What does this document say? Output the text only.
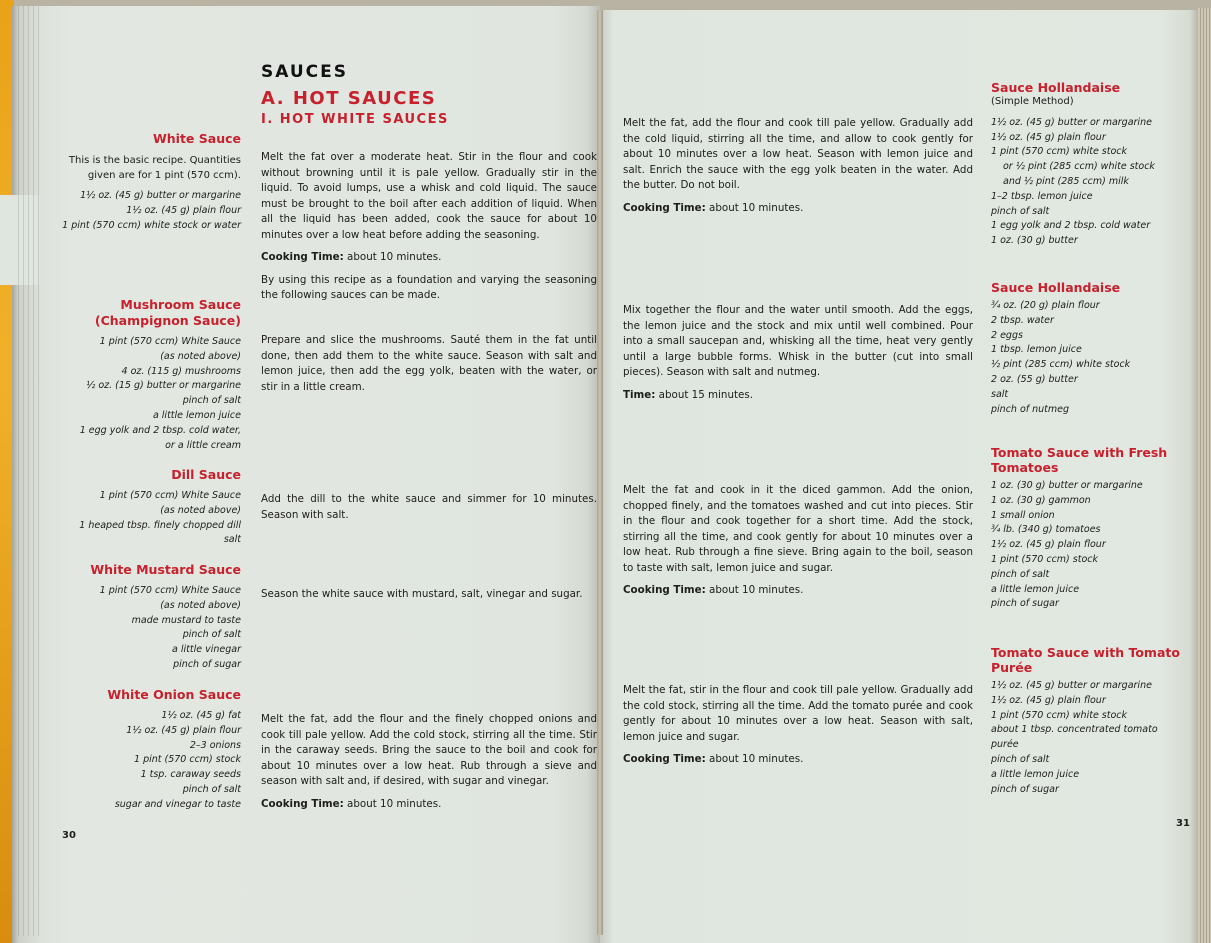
SAUCES
A. HOT SAUCES
I. HOT WHITE SAUCES
White Sauce
This is the basic recipe. Quantities
given are for 1 pint (570 ccm).
1½ oz. (45 g) butter or margarine
1½ oz. (45 g) plain flour
1 pint (570 ccm) white stock or water

Melt the fat over a moderate heat. Stir in the flour and cook without browning until it is pale yellow. Gradually stir in the liquid. To avoid lumps, use a whisk and cold liquid. The sauce must be brought to the boil after each addition of liquid. When all the liquid has been added, cook the sauce for about 10 minutes over a low heat before adding the seasoning.

Cooking Time: about 10 minutes.

By using this recipe as a foundation and varying the seasoning the following sauces can be made.

Mushroom Sauce
(Champignon Sauce)
1 pint (570 ccm) White Sauce
(as noted above)
4 oz. (115 g) mushrooms
½ oz. (15 g) butter or margarine
pinch of salt
a little lemon juice
1 egg yolk and 2 tbsp. cold water,
or a little cream

Prepare and slice the mushrooms. Sauté them in the fat until done, then add them to the white sauce. Season with salt and lemon juice, then add the egg yolk, beaten with the water, or stir in a little cream.

Dill Sauce
1 pint (570 ccm) White Sauce
(as noted above)
1 heaped tbsp. finely chopped dill
salt

Add the dill to the white sauce and simmer for 10 minutes. Season with salt.

White Mustard Sauce
1 pint (570 ccm) White Sauce
(as noted above)
made mustard to taste
pinch of salt
a little vinegar
pinch of sugar

Season the white sauce with mustard, salt, vinegar and sugar.

White Onion Sauce
1½ oz. (45 g) fat
1½ oz. (45 g) plain flour
2–3 onions
1 pint (570 ccm) stock
1 tsp. caraway seeds
pinch of salt
sugar and vinegar to taste

Melt the fat, add the flour and the finely chopped onions and cook till pale yellow. Add the cold stock, stirring all the time. Stir in the caraway seeds. Bring the sauce to the boil and cook for about 10 minutes over a low heat. Rub through a sieve and season with salt and, if desired, with sugar and vinegar.

Cooking Time: about 10 minutes.

30

Melt the fat, add the flour and cook till pale yellow. Gradually add the cold liquid, stirring all the time, and allow to cook gently for about 10 minutes over a low heat. Season with lemon juice and salt. Enrich the sauce with the egg yolk beaten in the water. Add the butter. Do not boil.

Cooking Time: about 10 minutes.

Sauce Hollandaise
(Simple Method)
1½ oz. (45 g) butter or margarine
1½ oz. (45 g) plain flour
1 pint (570 ccm) white stock
or ½ pint (285 ccm) white stock
and ½ pint (285 ccm) milk
1–2 tbsp. lemon juice
pinch of salt
1 egg yolk and 2 tbsp. cold water
1 oz. (30 g) butter

Mix together the flour and the water until smooth. Add the eggs, the lemon juice and the stock and mix until well combined. Pour into a small saucepan and, whisking all the time, heat very gently until a large bubble forms. Whisk in the butter (cut into small pieces). Season with salt and nutmeg.

Time: about 15 minutes.

Sauce Hollandaise
¾ oz. (20 g) plain flour
2 tbsp. water
2 eggs
1 tbsp. lemon juice
½ pint (285 ccm) white stock
2 oz. (55 g) butter
salt
pinch of nutmeg

Melt the fat and cook in it the diced gammon. Add the onion, chopped finely, and the tomatoes washed and cut into pieces. Stir in the flour and cook together for a short time. Add the stock, stirring all the time, and cook gently for about 10 minutes over a low heat. Rub through a fine sieve. Bring again to the boil, season to taste with salt, lemon juice and sugar.

Cooking Time: about 10 minutes.

Tomato Sauce with Fresh Tomatoes
1 oz. (30 g) butter or margarine
1 oz. (30 g) gammon
1 small onion
¾ lb. (340 g) tomatoes
1½ oz. (45 g) plain flour
1 pint (570 ccm) stock
pinch of salt
a little lemon juice
pinch of sugar

Melt the fat, stir in the flour and cook till pale yellow. Gradually add the cold stock, stirring all the time. Add the tomato purée and cook gently for about 10 minutes over a low heat. Season with salt, lemon juice and sugar.

Cooking Time: about 10 minutes.

Tomato Sauce with Tomato Purée
1½ oz. (45 g) butter or margarine
1½ oz. (45 g) plain flour
1 pint (570 ccm) white stock
about 1 tbsp. concentrated tomato
purée
pinch of salt
a little lemon juice
pinch of sugar
31
